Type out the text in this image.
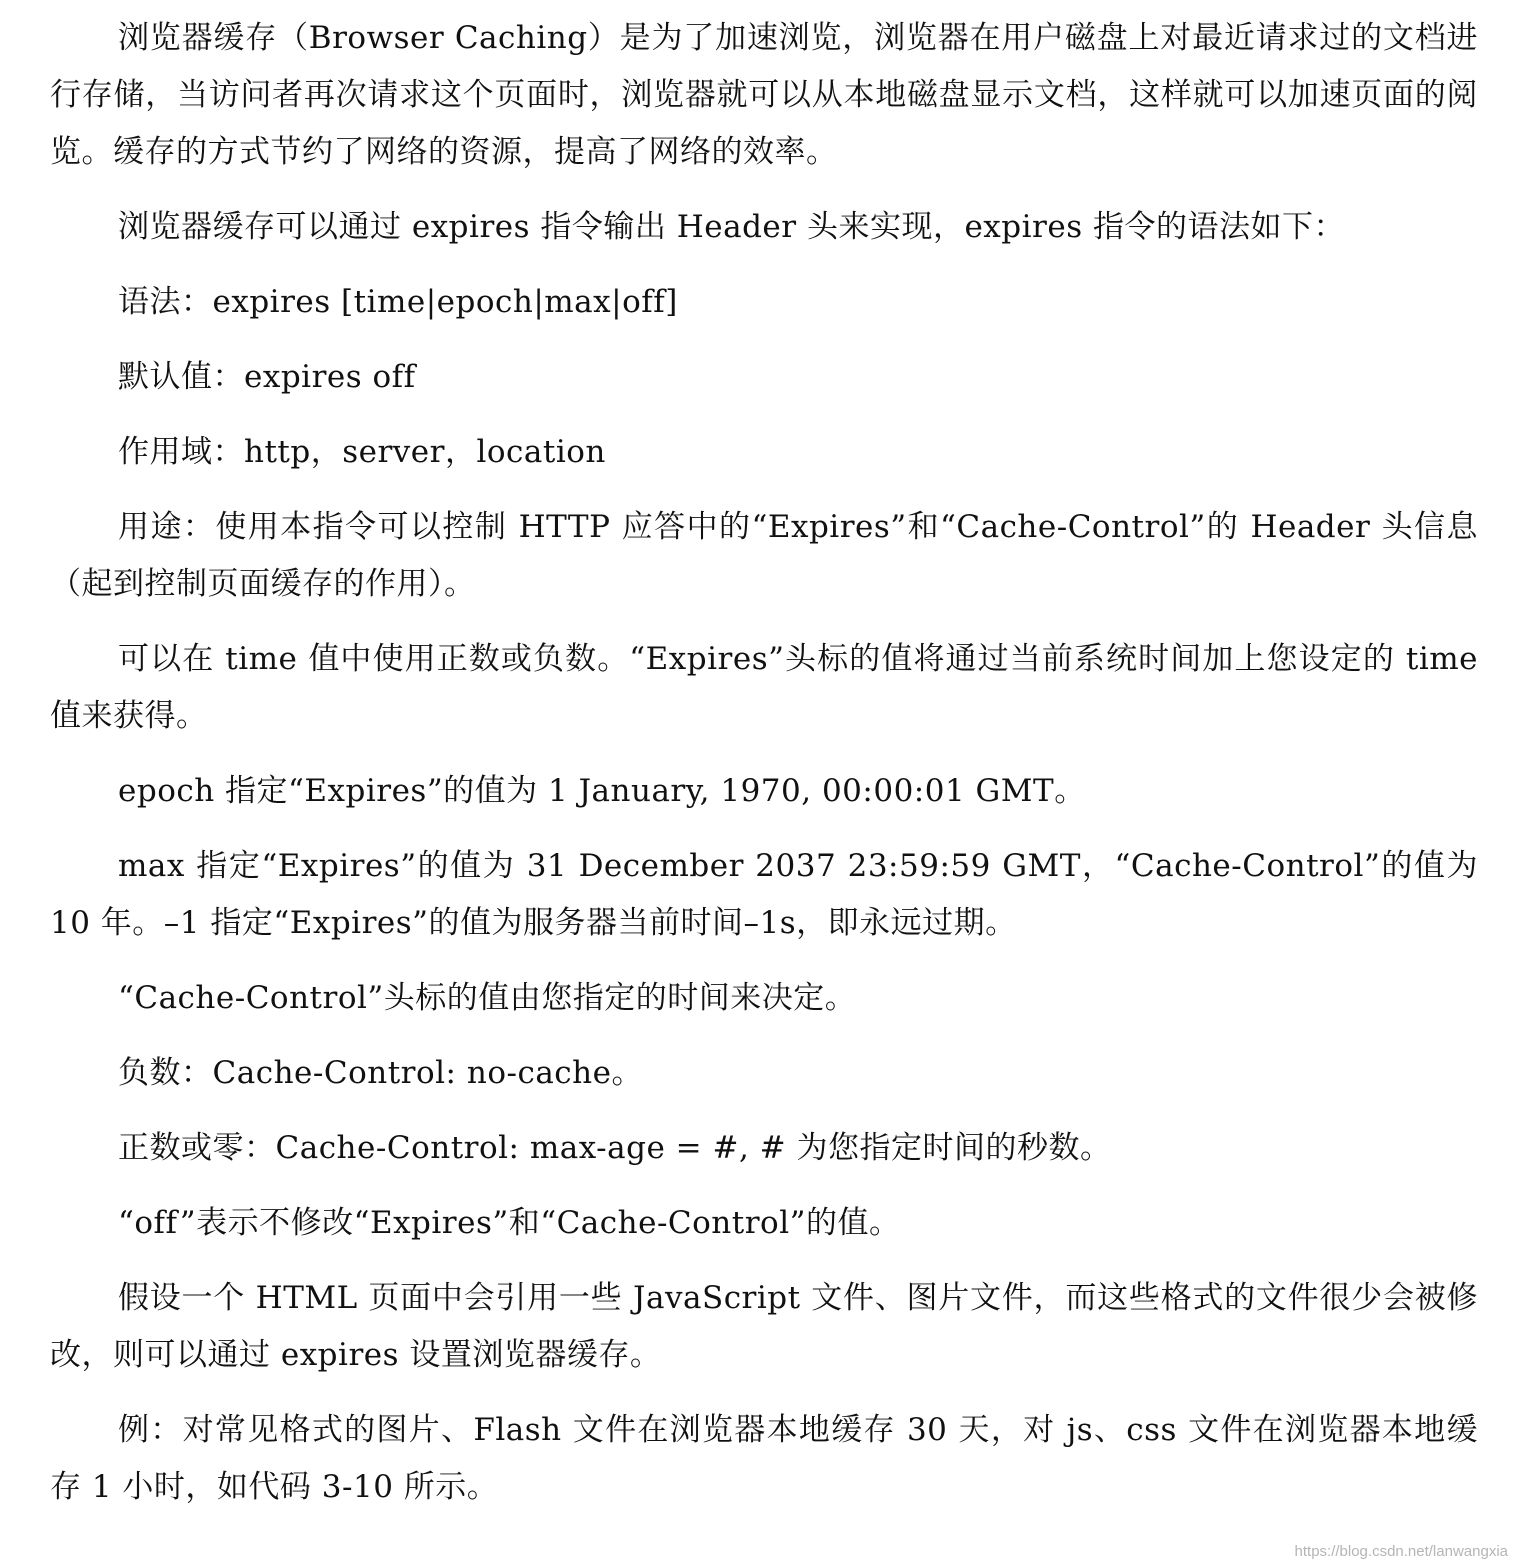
浏览器缓存（Browser Caching）是为了加速浏览，浏览器在用户磁盘上对最近请求过的文档进行存储，当访问者再次请求这个页面时，浏览器就可以从本地磁盘显示文档，这样就可以加速页面的阅览。缓存的方式节约了网络的资源，提高了网络的效率。

浏览器缓存可以通过 expires 指令输出 Header 头来实现，expires 指令的语法如下：

语法：expires [time|epoch|max|off]

默认值：expires off

作用域：http，server，location

用途：使用本指令可以控制 HTTP 应答中的“Expires”和“Cache-Control”的 Header 头信息（起到控制页面缓存的作用）。

可以在 time 值中使用正数或负数。“Expires”头标的值将通过当前系统时间加上您设定的 time 值来获得。

epoch 指定“Expires”的值为 1 January, 1970, 00:00:01 GMT。

max 指定“Expires”的值为 31 December 2037 23:59:59 GMT，“Cache-Control”的值为 10 年。–1 指定“Expires”的值为服务器当前时间–1s，即永远过期。

“Cache-Control”头标的值由您指定的时间来决定。

负数：Cache-Control: no-cache。

正数或零：Cache-Control: max-age = #, # 为您指定时间的秒数。

“off”表示不修改“Expires”和“Cache-Control”的值。

假设一个 HTML 页面中会引用一些 JavaScript 文件、图片文件，而这些格式的文件很少会被修改，则可以通过 expires 设置浏览器缓存。

例：对常见格式的图片、Flash 文件在浏览器本地缓存 30 天，对 js、css 文件在浏览器本地缓存 1 小时，如代码 3-10 所示。

https://blog.csdn.net/lanwangxia
